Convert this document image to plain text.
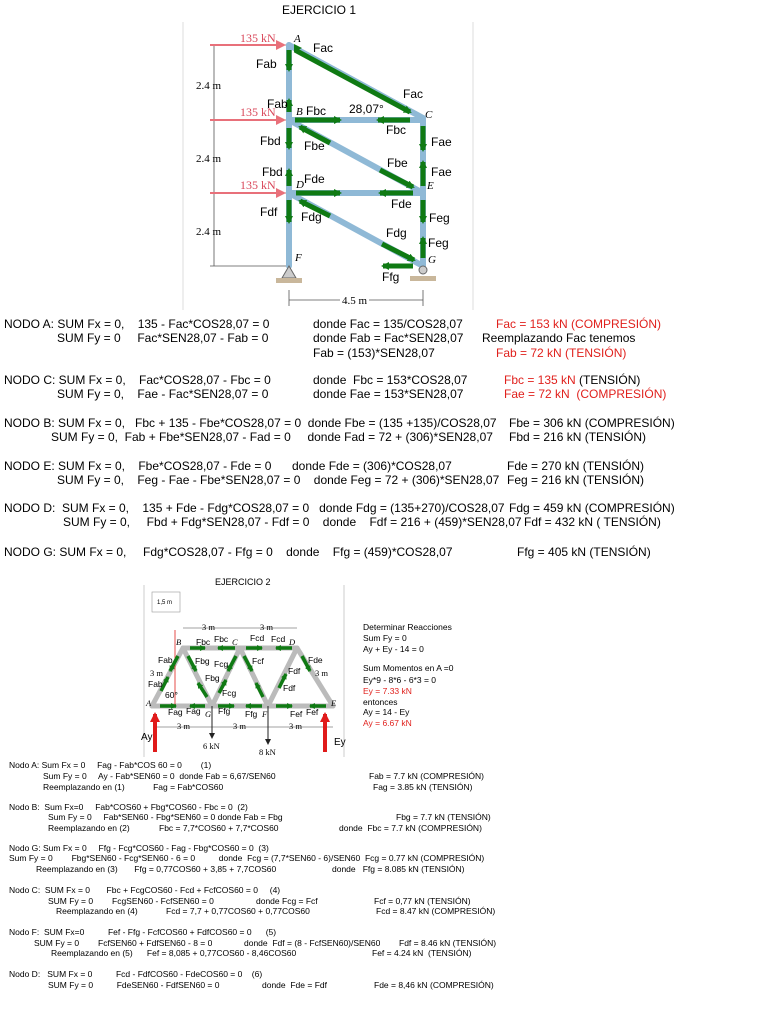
EJERCICIO 1
2.4 m
2.4 m
2.4 m
4.5 m
135 kN
135 kN
135 kN
A
B	C
D	E
F	G
28,07°
Fac
Fab
Fac
Fab Fbc
Fbc
Fbd Fbe	Fae
Fbe
Fae
Fbd Fde
Fdf Fdg
Fde
Feg
Fdg
Feg
Ffg
NODO A: SUM Fx = 0,    135 - Fac*COS28,07 = 0	donde Fac = 135/COS28,07	Fac = 153 kN (COMPRESIÓN)
SUM Fy = 0     Fac*SEN28,07 - Fab = 0	donde Fab = Fac*SEN28,07 Reemplazando Fac tenemos
Fab = (153)*SEN28,07	Fab = 72 kN (TENSIÓN)
NODO C: SUM Fx = 0,    Fac*COS28,07 - Fbc = 0	donde  Fbc = 153*COS28,07	Fbc = 135 kN (TENSIÓN)
SUM Fy = 0,    Fae - Fac*SEN28,07 = 0	donde Fae = 153*SEN28,07	Fae = 72 kN  (COMPRESIÓN)
NODO B: SUM Fx = 0,   Fbc + 135 - Fbe*COS28,07 = 0  donde Fbe = (135 +135)/COS28,07 Fbe = 306 kN (COMPRESIÓN)
SUM Fy = 0,  Fab + Fbe*SEN28,07 - Fad = 0     donde Fad = 72 + (306)*SEN28,07 Fbd = 216 kN (TENSIÓN)
NODO E: SUM Fx = 0,    Fbe*COS28,07 - Fde = 0 donde Fde = (306)*COS28,07	Fde = 270 kN (TENSIÓN)
SUM Fy = 0,    Feg - Fae - Fbe*SEN28,07 = 0    donde Feg = 72 + (306)*SEN28,07 Feg = 216 kN (TENSIÓN)
NODO D:  SUM Fx = 0,    135 + Fde - Fdg*COS28,07 = 0   donde Fdg = (135+270)/COS28,07 Fdg = 459 kN (COMPRESIÓN)
SUM Fy = 0,     Fbd + Fdg*SEN28,07 - Fdf = 0    donde    Fdf = 216 + (459)*SEN28,07 Fdf = 432 kN ( TENSIÓN)
NODO G: SUM Fx = 0,     Fdg*COS28,07 - Ffg = 0    donde    Ffg = (459)*COS28,07	Ffg = 405 kN (TENSIÓN)
EJERCICIO 2
1,5 m
3 m	3 m
3 m	3 m
3 m	3 m	3 m
60°
6 kN
8 kN
Ay	Ey
A
B	C	D
E
F
G
Fbc Fbc	Fcd Fcd
Fab	Fbg Fcg	Fcf	Fde
Fab
Fbg
Fdf
Fcg	Fdf
Fag Fag Ffg Ffg	Fef Fef
Determinar Reacciones
Sum Fy = 0
Ay + Ey - 14 = 0
Sum Momentos en A =0
Ey*9 - 8*6 - 6*3 = 0
Ey = 7.33 kN
entonces
Ay = 14 - Ey
Ay = 6.67 kN
Nodo A: Sum Fx = 0     Fag - Fab*COS 60 = 0        (1)
Sum Fy = 0     Ay - Fab*SEN60 = 0  donde Fab = 6,67/SEN60	Fab = 7.7 kN (COMPRESIÓN)
Reemplazando en (1)            Fag = Fab*COS60	Fag = 3.85 kN (TENSIÓN)
Nodo B:  Sum Fx=0     Fab*COS60 + Fbg*COS60 - Fbc = 0  (2)
Sum Fy = 0     Fab*SEN60 - Fbg*SEN60 = 0 donde Fab = Fbg	Fbg = 7.7 kN (TENSIÓN)
Reemplazando en (2)	Fbc = 7,7*COS60 + 7,7*COS60	donde  Fbc = 7.7 kN (COMPRESIÓN)
Nodo G: Sum Fx = 0     Ffg - Fcg*COS60 - Fag - Fbg*COS60 = 0  (3)
Sum Fy = 0        Fbg*SEN60 - Fcg*SEN60 - 6 = 0          donde  Fcg = (7,7*SEN60 - 6)/SEN60  Fcg = 0.77 kN (COMPRESIÓN)
Reemplazando en (3)       Ffg = 0,77COS60 + 3,85 + 7,7COS60	donde   Ffg = 8.085 kN (TENSIÓN)
Nodo C:  SUM Fx = 0       Fbc + FcgCOS60 - Fcd + FcfCOS60 = 0     (4)
SUM Fy = 0        FcgSEN60 - FcfSEN60 = 0	donde Fcg = Fcf	Fcf = 0,77 kN (TENSIÓN)
Reemplazando en (4)	Fcd = 7,7 + 0,77COS60 + 0,77COS60	Fcd = 8.47 kN (COMPRESIÓN)
Nodo F:  SUM Fx=0          Fef - Ffg - FcfCOS60 + FdfCOS60 = 0      (5)
SUM Fy = 0        FcfSEN60 + FdfSEN60 - 8 = 0	donde  Fdf = (8 - FcfSEN60)/SEN60 Fdf = 8.46 kN (TENSIÓN)
Reemplazando en (5)      Fef = 8,085 + 0,77COS60 - 8,46COS60	Fef = 4.24 kN  (TENSIÓN)
Nodo D:   SUM Fx = 0          Fcd - FdfCOS60 - FdeCOS60 = 0    (6)
SUM Fy = 0          FdeSEN60 - FdfSEN60 = 0	donde  Fde = Fdf	Fde = 8,46 kN (COMPRESIÓN)
